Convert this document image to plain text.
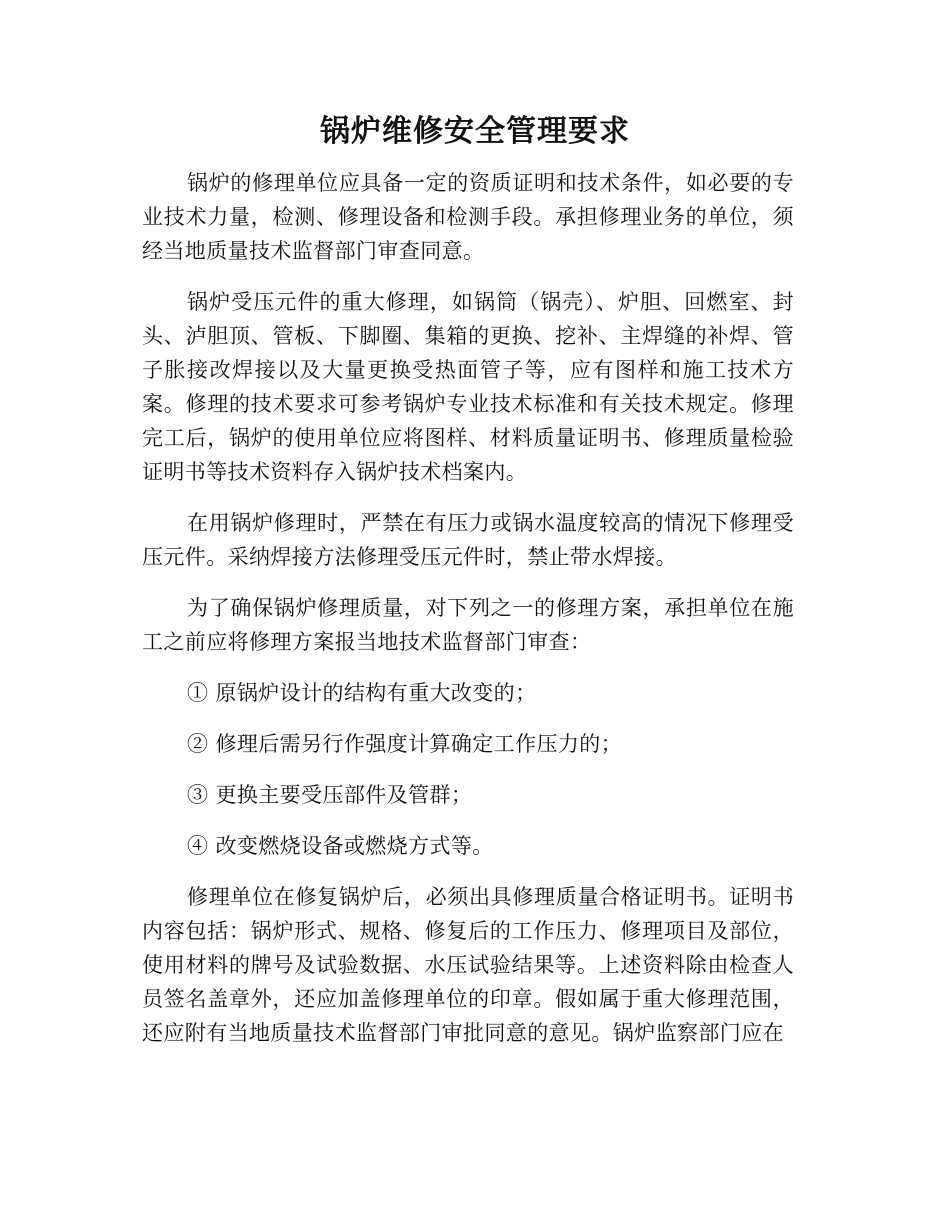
锅炉维修安全管理要求

锅炉的修理单位应具备一定的资质证明和技术条件，如必要的专业技术力量，检测、修理设备和检测手段。承担修理业务的单位，须经当地质量技术监督部门审查同意。

锅炉受压元件的重大修理，如锅筒（锅壳）、炉胆、回燃室、封头、泸胆顶、管板、下脚圈、集箱的更换、挖补、主焊缝的补焊、管子胀接改焊接以及大量更换受热面管子等，应有图样和施工技术方案。修理的技术要求可参考锅炉专业技术标准和有关技术规定。修理完工后，锅炉的使用单位应将图样、材料质量证明书、修理质量检验证明书等技术资料存入锅炉技术档案内。

在用锅炉修理时，严禁在有压力或锅水温度较高的情况下修理受压元件。采纳焊接方法修理受压元件时，禁止带水焊接。

为了确保锅炉修理质量，对下列之一的修理方案，承担单位在施工之前应将修理方案报当地技术监督部门审查：

① 原锅炉设计的结构有重大改变的；
② 修理后需另行作强度计算确定工作压力的；
③ 更换主要受压部件及管群；
④ 改变燃烧设备或燃烧方式等。

修理单位在修复锅炉后，必须出具修理质量合格证明书。证明书内容包括：锅炉形式、规格、修复后的工作压力、修理项目及部位，使用材料的牌号及试验数据、水压试验结果等。上述资料除由检查人员签名盖章外，还应加盖修理单位的印章。假如属于重大修理范围，还应附有当地质量技术监督部门审批同意的意见。锅炉监察部门应在
